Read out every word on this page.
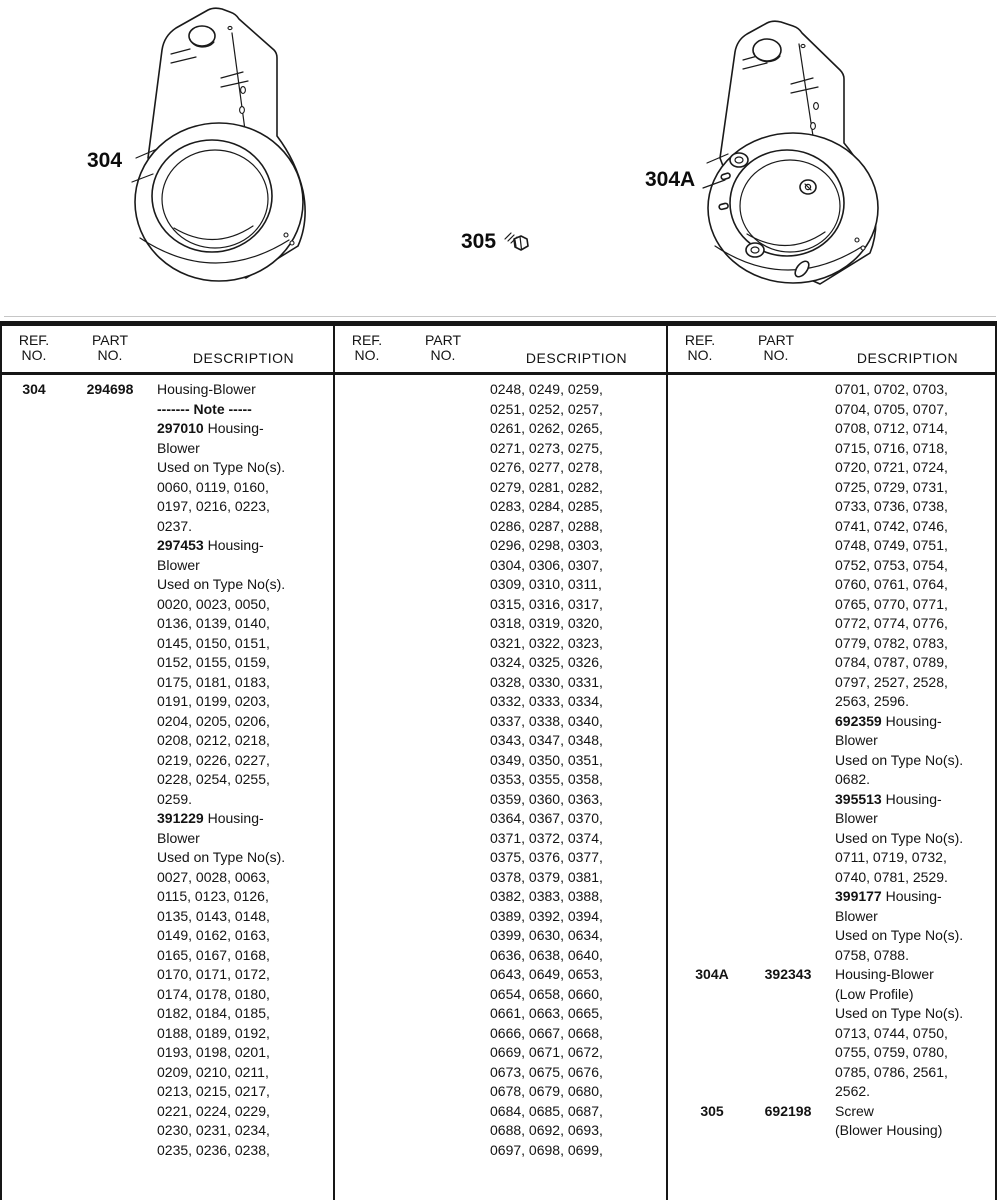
304
304A
305
REF.
NO.
PART
NO.	DESCRIPTION
REF.
NO.
PART
NO.	DESCRIPTION
REF.
NO.
PART
NO.	DESCRIPTION
304	294698	Housing-Blower
------- Note -----
297010 Housing-
Blower
Used on Type No(s).
0060, 0119, 0160,
0197, 0216, 0223,
0237.
297453 Housing-
Blower
Used on Type No(s).
0020, 0023, 0050,
0136, 0139, 0140,
0145, 0150, 0151,
0152, 0155, 0159,
0175, 0181, 0183,
0191, 0199, 0203,
0204, 0205, 0206,
0208, 0212, 0218,
0219, 0226, 0227,
0228, 0254, 0255,
0259.
391229 Housing-
Blower
Used on Type No(s).
0027, 0028, 0063,
0115, 0123, 0126,
0135, 0143, 0148,
0149, 0162, 0163,
0165, 0167, 0168,
0170, 0171, 0172,
0174, 0178, 0180,
0182, 0184, 0185,
0188, 0189, 0192,
0193, 0198, 0201,
0209, 0210, 0211,
0213, 0215, 0217,
0221, 0224, 0229,
0230, 0231, 0234,
0235, 0236, 0238,
0248, 0249, 0259,
0251, 0252, 0257,
0261, 0262, 0265,
0271, 0273, 0275,
0276, 0277, 0278,
0279, 0281, 0282,
0283, 0284, 0285,
0286, 0287, 0288,
0296, 0298, 0303,
0304, 0306, 0307,
0309, 0310, 0311,
0315, 0316, 0317,
0318, 0319, 0320,
0321, 0322, 0323,
0324, 0325, 0326,
0328, 0330, 0331,
0332, 0333, 0334,
0337, 0338, 0340,
0343, 0347, 0348,
0349, 0350, 0351,
0353, 0355, 0358,
0359, 0360, 0363,
0364, 0367, 0370,
0371, 0372, 0374,
0375, 0376, 0377,
0378, 0379, 0381,
0382, 0383, 0388,
0389, 0392, 0394,
0399, 0630, 0634,
0636, 0638, 0640,
0643, 0649, 0653,
0654, 0658, 0660,
0661, 0663, 0665,
0666, 0667, 0668,
0669, 0671, 0672,
0673, 0675, 0676,
0678, 0679, 0680,
0684, 0685, 0687,
0688, 0692, 0693,
0697, 0698, 0699,
0701, 0702, 0703,
0704, 0705, 0707,
0708, 0712, 0714,
0715, 0716, 0718,
0720, 0721, 0724,
0725, 0729, 0731,
0733, 0736, 0738,
0741, 0742, 0746,
0748, 0749, 0751,
0752, 0753, 0754,
0760, 0761, 0764,
0765, 0770, 0771,
0772, 0774, 0776,
0779, 0782, 0783,
0784, 0787, 0789,
0797, 2527, 2528,
2563, 2596.
692359 Housing-
Blower
Used on Type No(s).
0682.
395513 Housing-
Blower
Used on Type No(s).
0711, 0719, 0732,
0740, 0781, 2529.
399177 Housing-
Blower
Used on Type No(s).
0758, 0788.
304A	392343	Housing-Blower
(Low Profile)
Used on Type No(s).
0713, 0744, 0750,
0755, 0759, 0780,
0785, 0786, 2561,
2562.
305	692198	Screw
(Blower Housing)
